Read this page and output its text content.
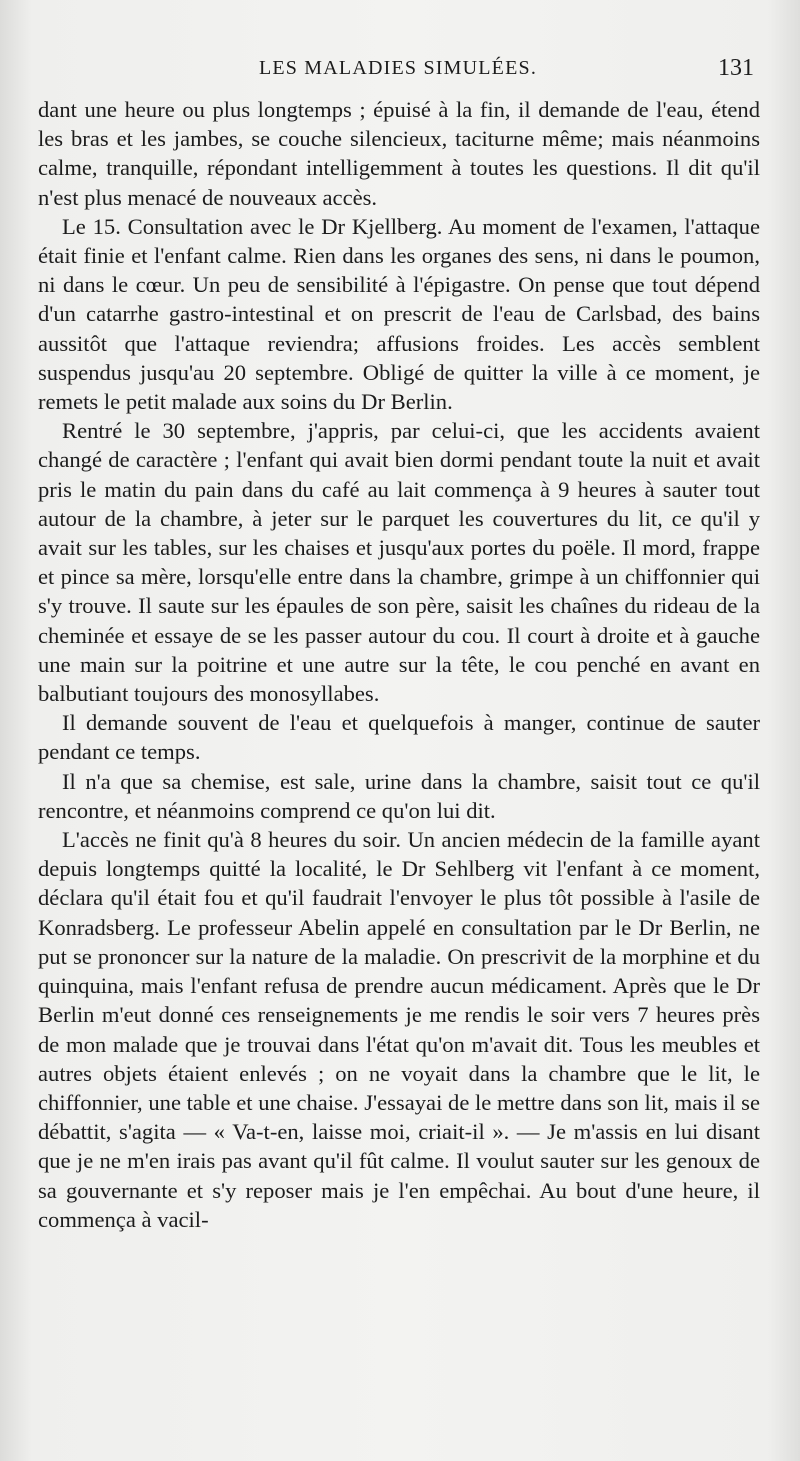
LES MALADIES SIMULÉES.	131

dant une heure ou plus longtemps ; épuisé à la fin, il demande de l'eau, étend les bras et les jambes, se couche silencieux, taciturne même; mais néanmoins calme, tranquille, répondant intelligemment à toutes les questions. Il dit qu'il n'est plus menacé de nouveaux accès.

Le 15. Consultation avec le Dr Kjellberg. Au moment de l'examen, l'attaque était finie et l'enfant calme. Rien dans les organes des sens, ni dans le poumon, ni dans le cœur. Un peu de sensibilité à l'épigastre. On pense que tout dépend d'un catarrhe gastro-intestinal et on prescrit de l'eau de Carlsbad, des bains aussitôt que l'attaque reviendra; affusions froides. Les accès semblent suspendus jusqu'au 20 septembre. Obligé de quitter la ville à ce moment, je remets le petit malade aux soins du Dr Berlin.

Rentré le 30 septembre, j'appris, par celui-ci, que les accidents avaient changé de caractère ; l'enfant qui avait bien dormi pendant toute la nuit et avait pris le matin du pain dans du café au lait commença à 9 heures à sauter tout autour de la chambre, à jeter sur le parquet les couvertures du lit, ce qu'il y avait sur les tables, sur les chaises et jusqu'aux portes du poële. Il mord, frappe et pince sa mère, lorsqu'elle entre dans la chambre, grimpe à un chiffonnier qui s'y trouve. Il saute sur les épaules de son père, saisit les chaînes du rideau de la cheminée et essaye de se les passer autour du cou. Il court à droite et à gauche une main sur la poitrine et une autre sur la tête, le cou penché en avant en balbutiant toujours des monosyllabes.

Il demande souvent de l'eau et quelquefois à manger, continue de sauter pendant ce temps.

Il n'a que sa chemise, est sale, urine dans la chambre, saisit tout ce qu'il rencontre, et néanmoins comprend ce qu'on lui dit.

L'accès ne finit qu'à 8 heures du soir. Un ancien médecin de la famille ayant depuis longtemps quitté la localité, le Dr Sehlberg vit l'enfant à ce moment, déclara qu'il était fou et qu'il faudrait l'envoyer le plus tôt possible à l'asile de Konradsberg. Le professeur Abelin appelé en consultation par le Dr Berlin, ne put se prononcer sur la nature de la maladie. On prescrivit de la morphine et du quinquina, mais l'enfant refusa de prendre aucun médicament. Après que le Dr Berlin m'eut donné ces renseignements je me rendis le soir vers 7 heures près de mon malade que je trouvai dans l'état qu'on m'avait dit. Tous les meubles et autres objets étaient enlevés ; on ne voyait dans la chambre que le lit, le chiffonnier, une table et une chaise. J'essayai de le mettre dans son lit, mais il se débattit, s'agita — « Va-t-en, laisse moi, criait-il ». — Je m'assis en lui disant que je ne m'en irais pas avant qu'il fût calme. Il voulut sauter sur les genoux de sa gouvernante et s'y reposer mais je l'en empêchai. Au bout d'une heure, il commença à vacil-
